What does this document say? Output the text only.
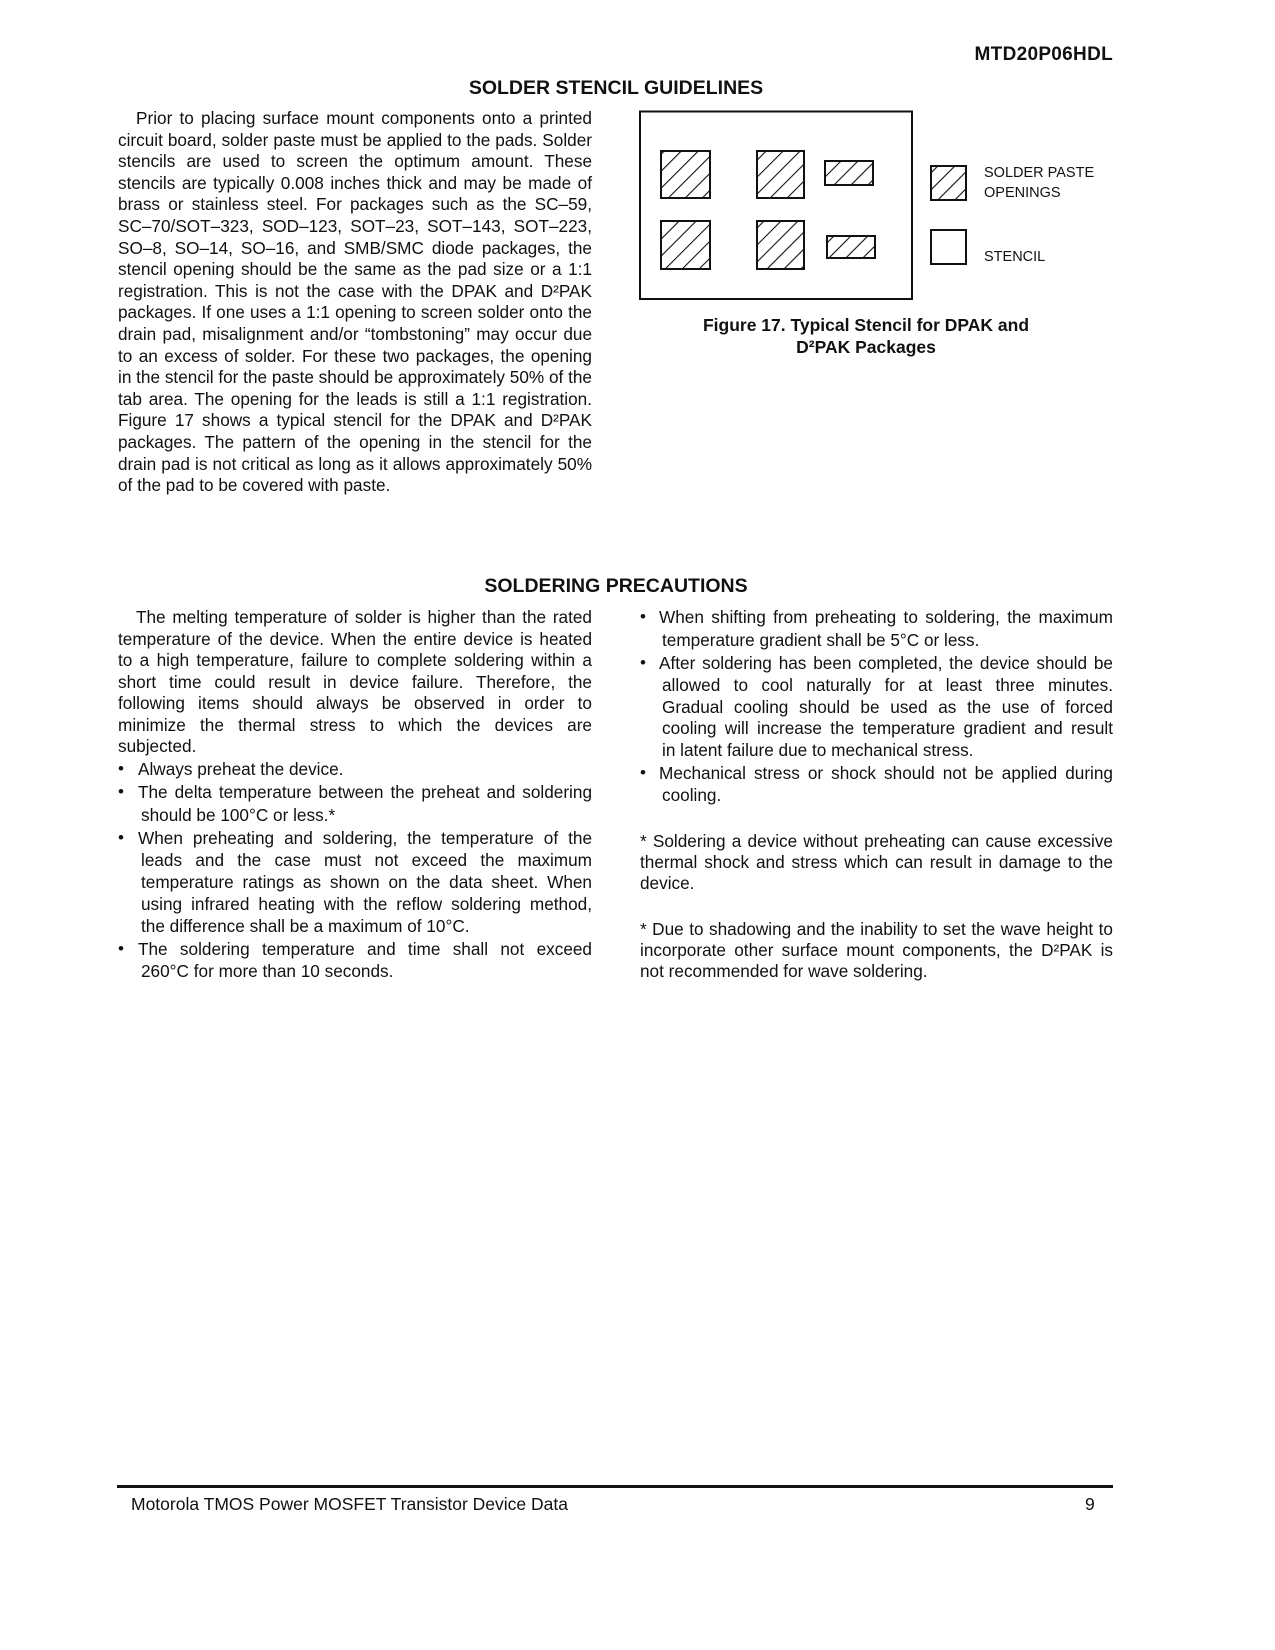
MTD20P06HDL
SOLDER STENCIL GUIDELINES
SOLDERING PRECAUTIONS
Prior to placing surface mount components onto a printed
circuit board, solder paste must be applied to the pads. Solder
stencils are used to screen the optimum amount. These
stencils are typically 0.008 inches thick and may be made of
brass or stainless steel. For packages such as the SC–59,
SC–70/SOT–323, SOD–123, SOT–23, SOT–143, SOT–223,
SO–8, SO–14, SO–16, and SMB/SMC diode packages, the
stencil opening should be the same as the pad size or a 1:1
registration. This is not the case with the DPAK and D²PAK
packages. If one uses a 1:1 opening to screen solder onto the
drain pad, misalignment and/or “tombstoning” may occur due
to an excess of solder. For these two packages, the opening
in the stencil for the paste should be approximately 50% of the
tab area. The opening for the leads is still a 1:1 registration.
Figure 17 shows a typical stencil for the DPAK and D²PAK
packages. The pattern of the opening in the stencil for the
drain pad is not critical as long as it allows approximately 50%
of the pad to be covered with paste.
The melting temperature of solder is higher than the rated
temperature of the device. When the entire device is heated
to a high temperature, failure to complete soldering within a
short time could result in device failure. Therefore, the
following items should always be observed in order to
minimize the thermal stress to which the devices are
subjected.
• Always preheat the device.
• The delta temperature between the preheat and soldering
should be 100°C or less.*
• When preheating and soldering, the temperature of the
leads and the case must not exceed the maximum
temperature ratings as shown on the data sheet. When
using infrared heating with the reflow soldering method,
the difference shall be a maximum of 10°C.
• The soldering temperature and time shall not exceed
260°C for more than 10 seconds.
• When shifting from preheating to soldering, the maximum
temperature gradient shall be 5°C or less.
• After soldering has been completed, the device should be
allowed to cool naturally for at least three minutes.
Gradual cooling should be used as the use of forced
cooling will increase the temperature gradient and result
in latent failure due to mechanical stress.
• Mechanical stress or shock should not be applied during
cooling.
* Soldering a device without preheating can cause excessive
thermal shock and stress which can result in damage to the
device.
* Due to shadowing and the inability to set the wave height to
incorporate other surface mount components, the D²PAK is
not recommended for wave soldering.
SOLDER PASTE
OPENINGS
STENCIL
Figure 17. Typical Stencil for DPAK and
D²PAK Packages
Motorola TMOS Power MOSFET Transistor Device Data	9
